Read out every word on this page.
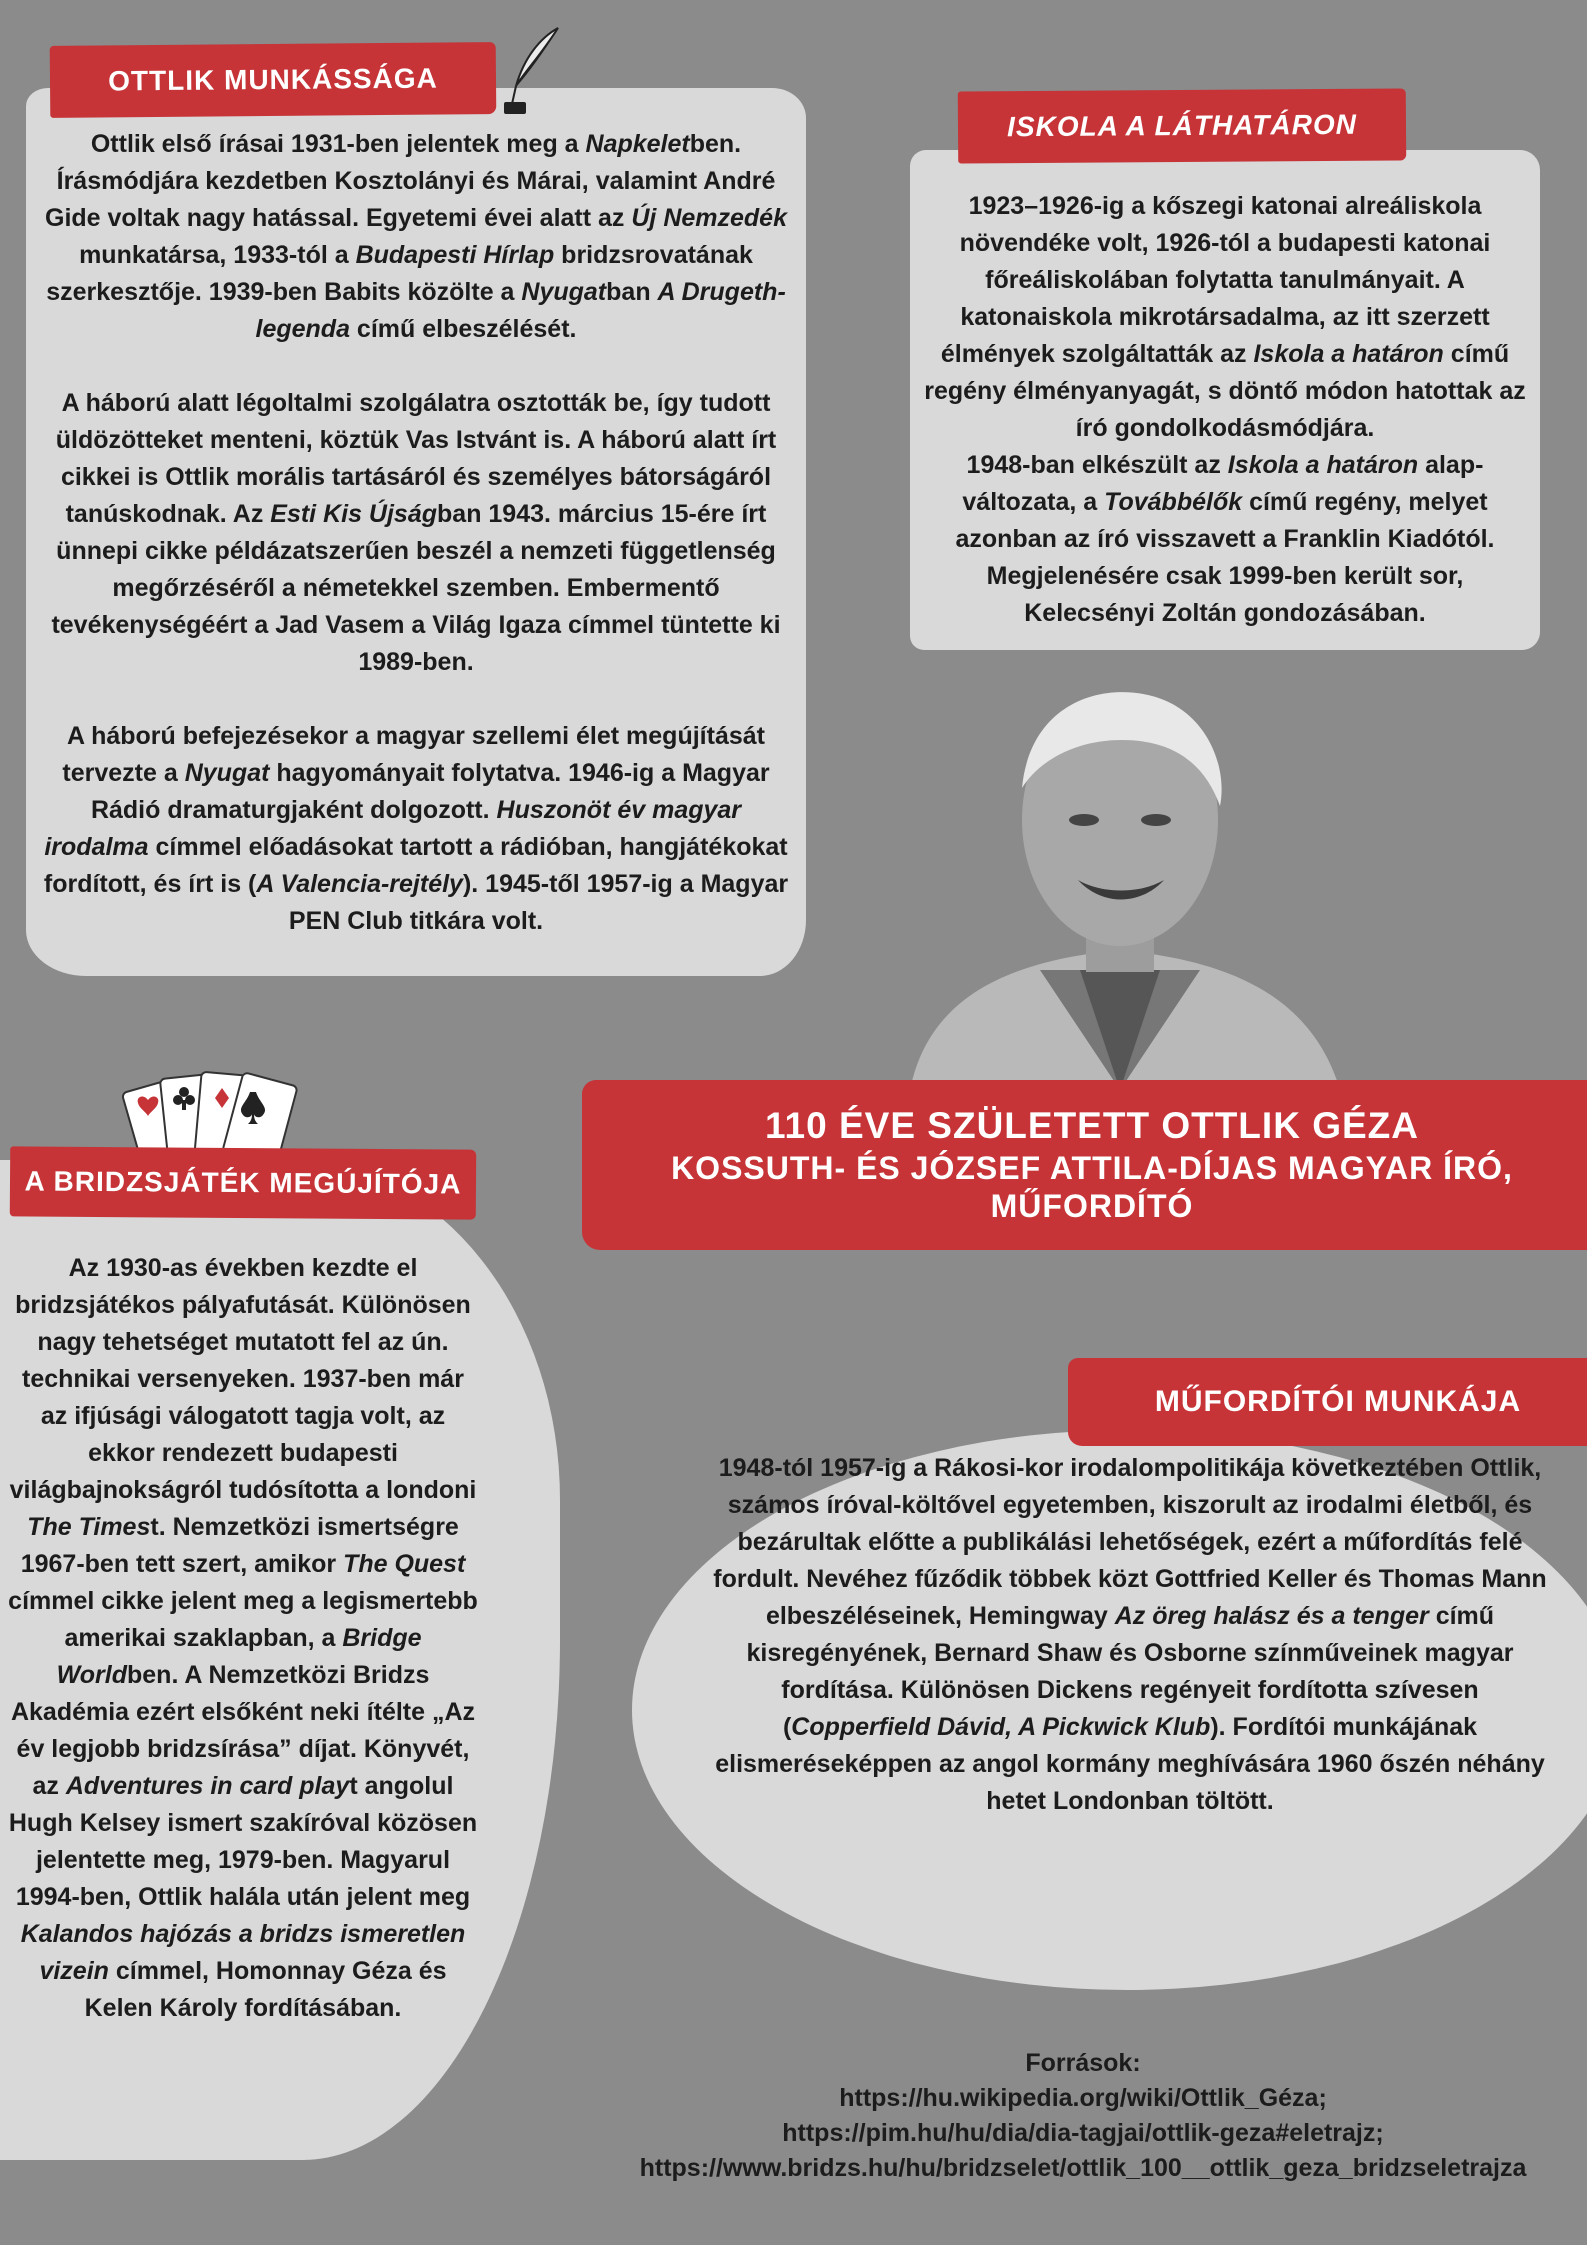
OTTLIK MUNKÁSSÁGA

Ottlik első írásai 1931-ben jelentek meg a Napkeletben. Írásmódjára kezdetben Kosztolányi és Márai, valamint André Gide voltak nagy hatással. Egyetemi évei alatt az Új Nemzedék munkatársa, 1933-tól a Budapesti Hírlap bridzsrovatának szerkesztője. 1939-ben Babits közölte a Nyugatban A Drugeth-legenda című elbeszélését.

A háború alatt légoltalmi szolgálatra osztották be, így tudott üldözötteket menteni, köztük Vas Istvánt is. A háború alatt írt cikkei is Ottlik morális tartásáról és személyes bátorságáról tanúskodnak. Az Esti Kis Újságban 1943. március 15-ére írt ünnepi cikke példázatszerűen beszél a nemzeti függetlenség megőrzéséről a németekkel szemben. Embermentő tevékenységéért a Jad Vasem a Világ Igaza címmel tüntette ki 1989-ben.

A háború befejezésekor a magyar szellemi élet megújítását tervezte a Nyugat hagyományait folytatva. 1946-ig a Magyar Rádió dramaturgjaként dolgozott. Huszonöt év magyar irodalma címmel előadásokat tartott a rádióban, hangjátékokat fordított, és írt is (A Valencia-rejtély). 1945-től 1957-ig a Magyar PEN Club titkára volt.

ISKOLA A LÁTHATÁRON

1923–1926-ig a kőszegi katonai alreáliskola növendéke volt, 1926-tól a budapesti katonai főreáliskolában folytatta tanulmányait. A katonaiskola mikrotársadalma, az itt szerzett élmények szolgáltatták az Iskola a határon című regény élményanyagát, s döntő módon hatottak az író gondolkodásmódjára.
1948-ban elkészült az Iskola a határon alap-változata, a Továbbélők című regény, melyet azonban az író visszavett a Franklin Kiadótól. Megjelenésére csak 1999-ben került sor, Kelecsényi Zoltán gondozásában.

110 ÉVE SZÜLETETT OTTLIK GÉZA
KOSSUTH- ÉS JÓZSEF ATTILA-DÍJAS MAGYAR ÍRÓ,
MŰFORDÍTÓ
A BRIDZSJÁTÉK MEGÚJÍTÓJA

Az 1930-as években kezdte el bridzsjátékos pályafutását. Különösen nagy tehetséget mutatott fel az ún. technikai versenyeken. 1937-ben már az ifjúsági válogatott tagja volt, az ekkor rendezett budapesti világbajnokságról tudósította a londoni The Timest. Nemzetközi ismertségre 1967-ben tett szert, amikor The Quest címmel cikke jelent meg a legismertebb amerikai szaklapban, a Bridge Worldben. A Nemzetközi Bridzs Akadémia ezért elsőként neki ítélte „Az év legjobb bridzsírása” díjat. Könyvét, az Adventures in card playt angolul Hugh Kelsey ismert szakíróval közösen jelentette meg, 1979-ben. Magyarul 1994-ben, Ottlik halála után jelent meg Kalandos hajózás a bridzs ismeretlen vizein címmel, Homonnay Géza és Kelen Károly fordításában.

MŰFORDÍTÓI MUNKÁJA

1948-tól 1957-ig a Rákosi-kor irodalompolitikája következtében Ottlik, számos íróval-költővel egyetemben, kiszorult az irodalmi életből, és bezárultak előtte a publikálási lehetőségek, ezért a műfordítás felé fordult. Nevéhez fűződik többek közt Gottfried Keller és Thomas Mann elbeszéléseinek, Hemingway Az öreg halász és a tenger című kisregényének, Bernard Shaw és Osborne színműveinek magyar fordítása. Különösen Dickens regényeit fordította szívesen (Copperfield Dávid, A Pickwick Klub). Fordítói munkájának elismeréseképpen az angol kormány meghívására 1960 őszén néhány hetet Londonban töltött.

Források:
https://hu.wikipedia.org/wiki/Ottlik_Géza;
https://pim.hu/hu/dia/dia-tagjai/ottlik-geza#eletrajz;
https://www.bridzs.hu/hu/bridzselet/ottlik_100__ottlik_geza_bridzseletrajza
